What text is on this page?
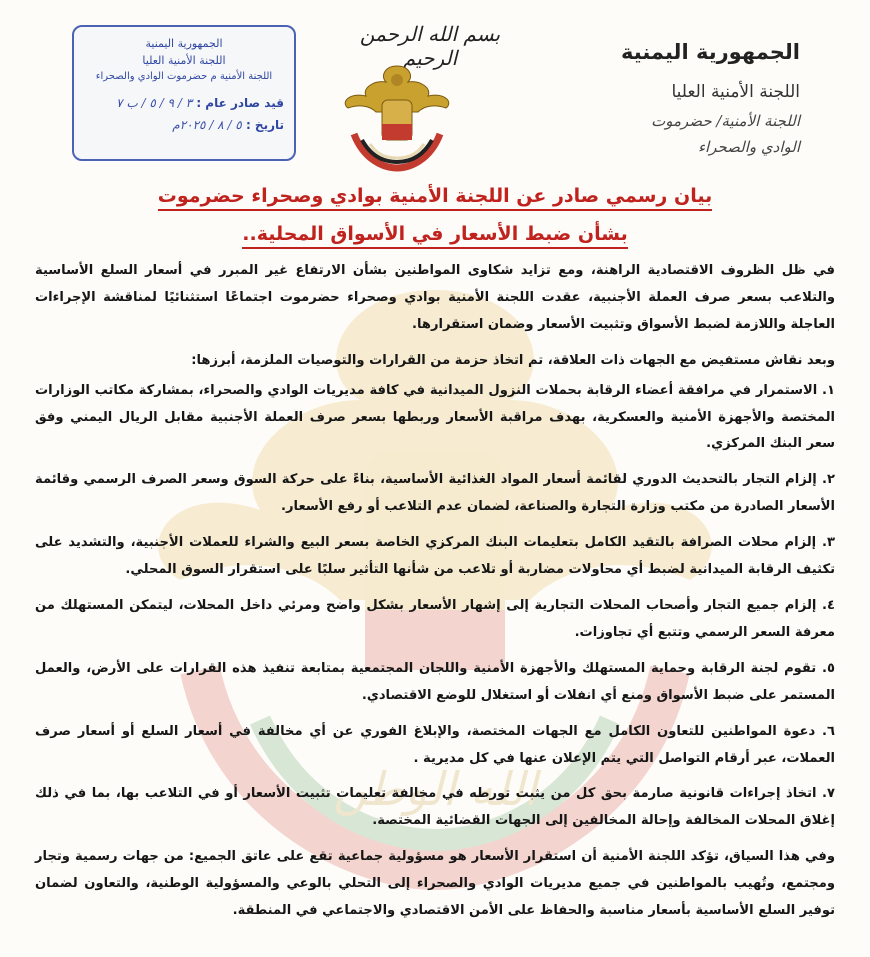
الله الوطن
الجمهورية اليمنية
اللجنة الأمنية العليا
اللجنة الأمنية/ حضرموت
الوادي والصحراء
بسم الله الرحمن الرحيم
الجمهورية اليمنية
اللجنة الأمنية العليا
اللجنة الأمنية م حضرموت الوادي والصحراء
قيد صادر عام : ٣ / ٩ / ٥ / ب ٧
تاريخ : ٥ / ٨ / ٢٠٢٥م
بيان رسمي صادر عن اللجنة الأمنية بوادي وصحراء حضرموت
بشأن ضبط الأسعار في الأسواق المحلية..

في ظل الظروف الاقتصادية الراهنة، ومع تزايد شكاوى المواطنين بشأن الارتفاع غير المبرر في أسعار السلع الأساسية والتلاعب بسعر صرف العملة الأجنبية، عقدت اللجنة الأمنية بوادي وصحراء حضرموت اجتماعًا استثنائيًا لمناقشة الإجراءات العاجلة واللازمة لضبط الأسواق وتثبيت الأسعار وضمان استقرارها.

وبعد نقاش مستفيض مع الجهات ذات العلاقة، تم اتخاذ حزمة من القرارات والتوصيات الملزمة، أبرزها:

١. الاستمرار في مرافقة أعضاء الرقابة بحملات النزول الميدانية في كافة مديريات الوادي والصحراء، بمشاركة مكاتب الوزارات المختصة والأجهزة الأمنية والعسكرية، بهدف مراقبة الأسعار وربطها بسعر صرف العملة الأجنبية مقابل الريال اليمني وفق سعر البنك المركزي.

٢. إلزام التجار بالتحديث الدوري لقائمة أسعار المواد الغذائية الأساسية، بناءً على حركة السوق وسعر الصرف الرسمي وقائمة الأسعار الصادرة من مكتب وزارة التجارة والصناعة، لضمان عدم التلاعب أو رفع الأسعار.

٣. إلزام محلات الصرافة بالتقيد الكامل بتعليمات البنك المركزي الخاصة بسعر البيع والشراء للعملات الأجنبية، والتشديد على تكثيف الرقابة الميدانية لضبط أي محاولات مضاربة أو تلاعب من شأنها التأثير سلبًا على استقرار السوق المحلي.

٤. إلزام جميع التجار وأصحاب المحلات التجارية إلى إشهار الأسعار بشكل واضح ومرئي داخل المحلات، ليتمكن المستهلك من معرفة السعر الرسمي وتتبع أي تجاوزات.

٥. تقوم لجنة الرقابة وحماية المستهلك والأجهزة الأمنية واللجان المجتمعية بمتابعة تنفيذ هذه القرارات على الأرض، والعمل المستمر على ضبط الأسواق ومنع أي انفلات أو استغلال للوضع الاقتصادي.

٦. دعوة المواطنين للتعاون الكامل مع الجهات المختصة، والإبلاغ الفوري عن أي مخالفة في أسعار السلع أو أسعار صرف العملات، عبر أرقام التواصل التي يتم الإعلان عنها في كل مديرية .

٧. اتخاذ إجراءات قانونية صارمة بحق كل من يثبت تورطه في مخالفة تعليمات تثبيت الأسعار أو في التلاعب بها، بما في ذلك إغلاق المحلات المخالفة وإحالة المخالفين إلى الجهات القضائية المختصة.

وفي هذا السياق، تؤكد اللجنة الأمنية أن استقرار الأسعار هو مسؤولية جماعية تقع على عاتق الجميع: من جهات رسمية وتجار ومجتمع، وتُهيب بالمواطنين في جميع مديريات الوادي والصحراء إلى التحلي بالوعي والمسؤولية الوطنية، والتعاون لضمان توفير السلع الأساسية بأسعار مناسبة والحفاظ على الأمن الاقتصادي والاجتماعي في المنطقة.
